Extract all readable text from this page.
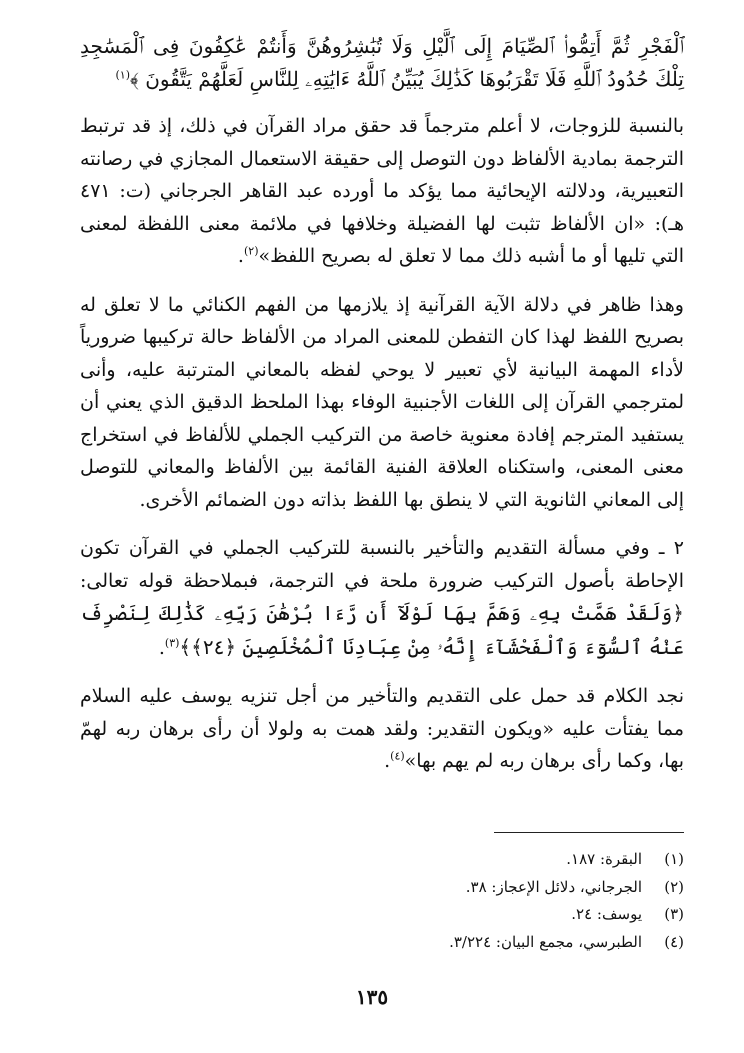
ٱلْفَجْرِ ثُمَّ أَتِمُّوا۟ ٱلصِّيَامَ إِلَى ٱلَّيْلِ وَلَا تُبَٰشِرُوهُنَّ وَأَنتُمْ عَٰكِفُونَ فِى ٱلْمَسَٰجِدِ تِلْكَ حُدُودُ ٱللَّهِ فَلَا تَقْرَبُوهَا كَذَٰلِكَ يُبَيِّنُ ٱللَّهُ ءَايَٰتِهِۦ لِلنَّاسِ لَعَلَّهُمْ يَتَّقُونَ ﴾$^{(١)}$

بالنسبة للزوجات، لا أعلم مترجماً قد حقق مراد القرآن في ذلك، إذ قد ترتبط الترجمة بمادية الألفاظ دون التوصل إلى حقيقة الاستعمال المجازي في رصانته التعبيرية، ودلالته الإيحائية مما يؤكد ما أورده عبد القاهر الجرجاني (ت: ٤٧١ هـ): «ان الألفاظ تثبت لها الفضيلة وخلافها في ملائمة معنى اللفظة لمعنى التي تليها أو ما أشبه ذلك مما لا تعلق له بصريح اللفظ»$^{(٢)}$.

وهذا ظاهر في دلالة الآية القرآنية إذ يلازمها من الفهم الكنائي ما لا تعلق له بصريح اللفظ لهذا كان التفطن للمعنى المراد من الألفاظ حالة تركيبها ضرورياً لأداء المهمة البيانية لأي تعبير لا يوحي لفظه بالمعاني المترتبة عليه، وأنى لمترجمي القرآن إلى اللغات الأجنبية الوفاء بهذا الملحظ الدقيق الذي يعني أن يستفيد المترجم إفادة معنوية خاصة من التركيب الجملي للألفاظ في استخراج معنى المعنى، واستكناه العلاقة الفنية القائمة بين الألفاظ والمعاني للتوصل إلى المعاني الثانوية التي لا ينطق بها اللفظ بذاته دون الضمائم الأخرى.

٢ ـ وفي مسألة التقديم والتأخير بالنسبة للتركيب الجملي في القرآن تكون الإحاطة بأصول التركيب ضرورة ملحة في الترجمة، فبملاحظة قوله تعالى: ﴿وَلَقَدْ هَمَّتْ بِهِۦ وَهَمَّ بِهَا لَوْلَآ أَن رَّءَا بُرْهَٰنَ رَبِّهِۦ كَذَٰلِكَ لِنَصْرِفَ عَنْهُ ٱلسُّوٓءَ وَٱلْفَحْشَآءَ إِنَّهُۥ مِنْ عِبَادِنَا ٱلْمُخْلَصِينَ ﴿٢٤﴾﴾$^{(٣)}$.

نجد الكلام قد حمل على التقديم والتأخير من أجل تنزيه يوسف عليه السلام مما يفتأت عليه «ويكون التقدير: ولقد همت به ولولا أن رأى برهان ربه لهمّ بها، وكما رأى برهان ربه لم يهم بها»$^{(٤)}$.

(١)البقرة: ١٨٧.
(٢)الجرجاني، دلائل الإعجاز: ٣٨.
(٣)يوسف: ٢٤.
(٤)الطبرسي، مجمع البيان: ٣/٢٢٤.
١٣٥
